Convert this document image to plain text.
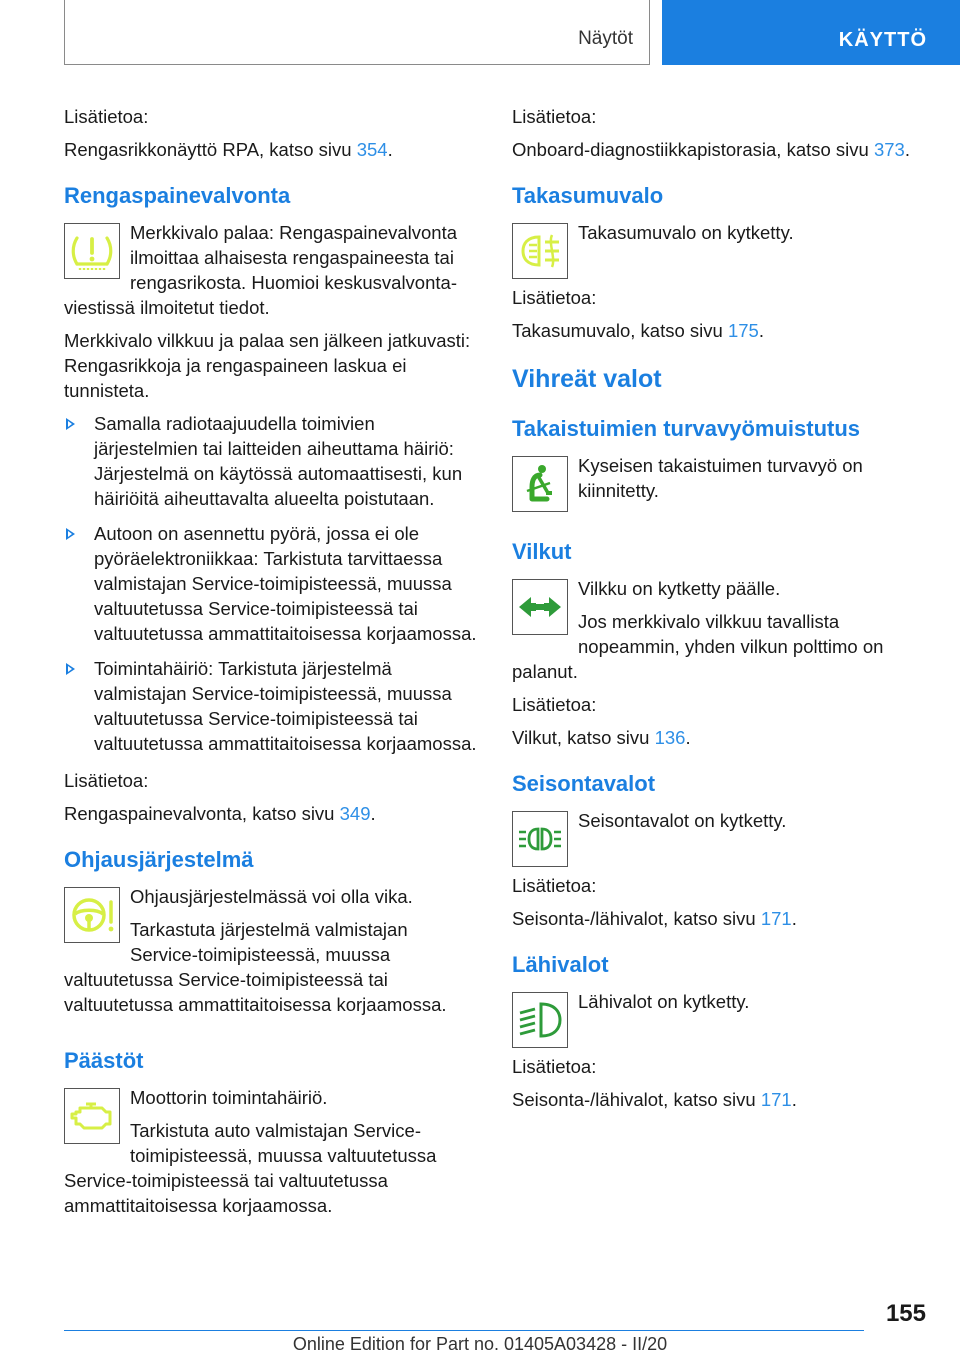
Näytöt	KÄYTTÖ

Lisätietoa:

Rengasrikkonäyttö RPA, katso sivu 354.

Rengaspainevalvonta

Merkkivalo palaa: Rengaspainevalvonta ilmoittaa alhaisesta rengaspaineesta tai rengasrikosta. Huomioi keskusvalvonta-viestissä ilmoitetut tiedot.

Merkkivalo vilkkuu ja palaa sen jälkeen jatkuvasti: Rengasrikkoja ja rengaspaineen laskua ei tunnisteta.

Samalla radiotaajuudella toimivien järjestelmien tai laitteiden aiheuttama häiriö: Järjestelmä on käytössä automaattisesti, kun häiriöitä aiheuttavalta alueelta poistutaan.
Autoon on asennettu pyörä, jossa ei ole pyöräelektroniikkaa: Tarkistuta tarvittaessa valmistajan Service-toimipisteessä, muussa valtuutetussa Service-toimipisteessä tai valtuutetussa ammattitaitoisessa korjaamossa.
Toimintahäiriö: Tarkistuta järjestelmä valmistajan Service-toimipisteessä, muussa valtuutetussa Service-toimipisteessä tai valtuutetussa ammattitaitoisessa korjaamossa.

Lisätietoa:

Rengaspainevalvonta, katso sivu 349.

Ohjausjärjestelmä

Ohjausjärjestelmässä voi olla vika.

Tarkastuta järjestelmä valmistajan Service-toimipisteessä, muussa valtuutetussa Service-toimipisteessä tai valtuutetussa ammattitaitoisessa korjaamossa.

Päästöt

Moottorin toimintahäiriö.

Tarkistuta auto valmistajan Service-toimipisteessä, muussa valtuutetussa Service-toimipisteessä tai valtuutetussa ammattitaitoisessa korjaamossa.

Lisätietoa:

Onboard-diagnostiikkapistorasia, katso sivu 373.

Takasumuvalo

Takasumuvalo on kytketty.

Lisätietoa:

Takasumuvalo, katso sivu 175.

Vihreät valot
Takaistuimien turvavyömuistutus

Kyseisen takaistuimen turvavyö on kiinnitetty.

Vilkut

Vilkku on kytketty päälle.

Jos merkkivalo vilkkuu tavallista nopeammin, yhden vilkun polttimo on palanut.

Lisätietoa:

Vilkut, katso sivu 136.

Seisontavalot

Seisontavalot on kytketty.

Lisätietoa:

Seisonta-/lähivalot, katso sivu 171.

Lähivalot

Lähivalot on kytketty.

Lisätietoa:

Seisonta-/lähivalot, katso sivu 171.

155
Online Edition for Part no. 01405A03428 - II/20
